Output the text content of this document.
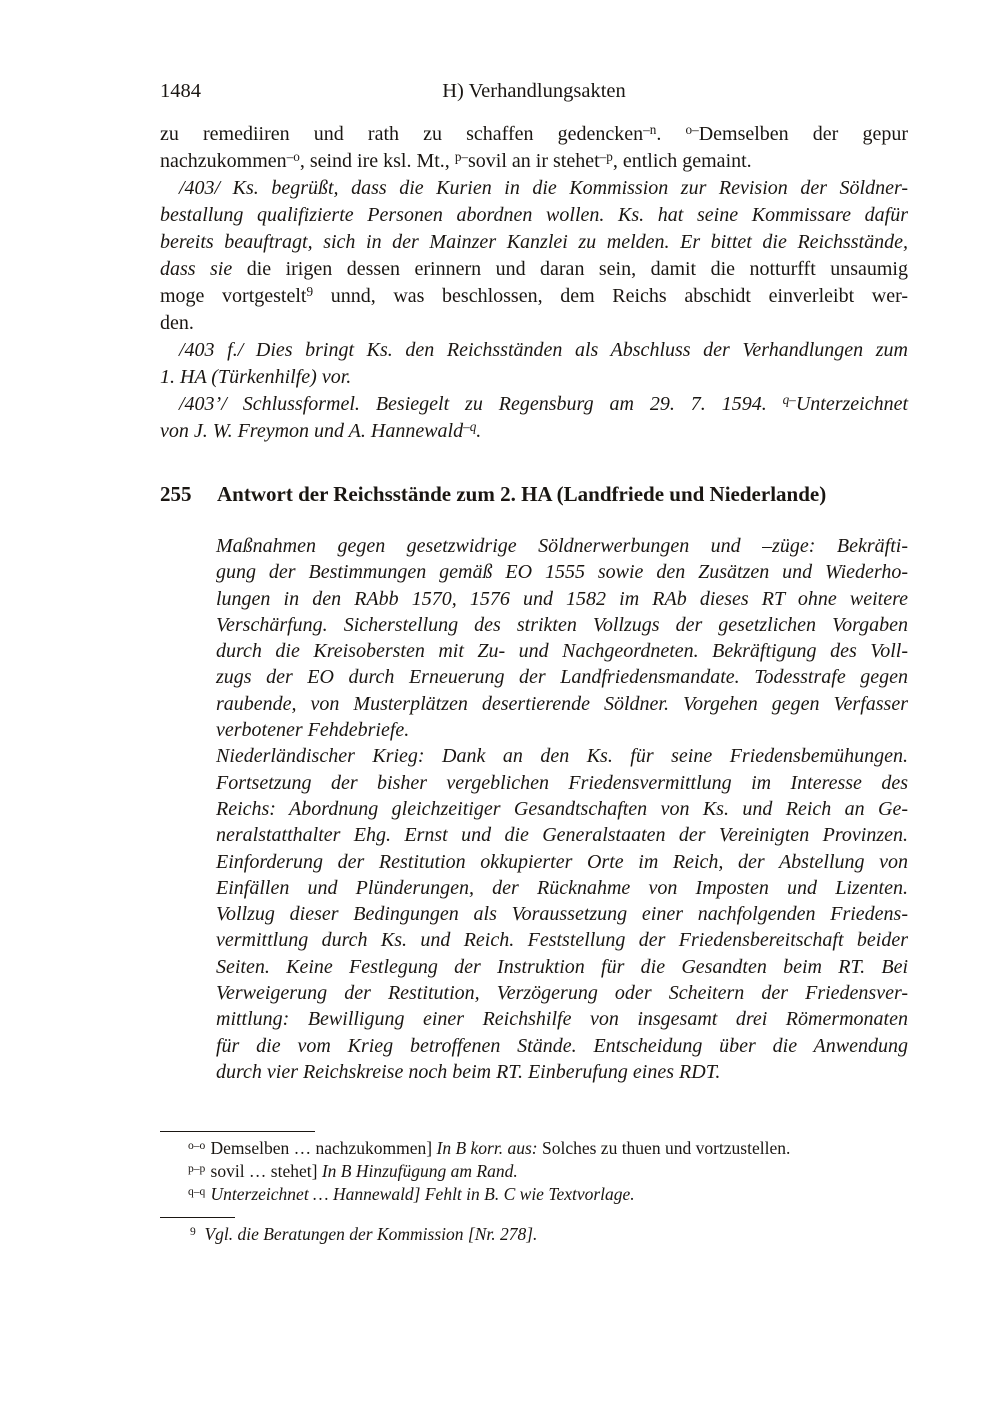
1484	H) Verhandlungsakten
zu remediiren und rath zu schaffen gedencken$^{-n}$. $^{o-}$Demselben der gepur
nachzukommen$^{-o}$, seind ire ksl. Mt., $^{p-}$sovil an ir stehet$^{-p}$, entlich gemaint.
/403/ Ks. begrüßt, dass die Kurien in die Kommission zur Revision der Söldner-
bestallung qualifizierte Personen abordnen wollen. Ks. hat seine Kommissare dafür
bereits beauftragt, sich in der Mainzer Kanzlei zu melden. Er bittet die Reichsstände,
dass sie die irigen dessen erinnern und daran sein, damit die notturfft unsaumig
moge vortgestelt$^9$ unnd, was beschlossen, dem Reichs abschidt einverleibt wer-
den.
/403 f./ Dies bringt Ks. den Reichsständen als Abschluss der Verhandlungen zum
1. HA (Türkenhilfe) vor.
/403’/ Schlussformel. Besiegelt zu Regensburg am 29. 7. 1594. $^{q-}$Unterzeichnet
von J. W. Freymon und A. Hannewald$^{-q}$.
255	Antwort der Reichsstände zum 2. HA (Landfriede und Niederlande)
Maßnahmen gegen gesetzwidrige Söldnerwerbungen und –züge: Bekräfti-
gung der Bestimmungen gemäß EO 1555 sowie den Zusätzen und Wiederho-
lungen in den RAbb 1570, 1576 und 1582 im RAb dieses RT ohne weitere
Verschärfung. Sicherstellung des strikten Vollzugs der gesetzlichen Vorgaben
durch die Kreisobersten mit Zu- und Nachgeordneten. Bekräftigung des Voll-
zugs der EO durch Erneuerung der Landfriedensmandate. Todesstrafe gegen
raubende, von Musterplätzen desertierende Söldner. Vorgehen gegen Verfasser
verbotener Fehdebriefe.
Niederländischer Krieg: Dank an den Ks. für seine Friedensbemühungen.
Fortsetzung der bisher vergeblichen Friedensvermittlung im Interesse des
Reichs: Abordnung gleichzeitiger Gesandtschaften von Ks. und Reich an Ge-
neralstatthalter Ehg. Ernst und die Generalstaaten der Vereinigten Provinzen.
Einforderung der Restitution okkupierter Orte im Reich, der Abstellung von
Einfällen und Plünderungen, der Rücknahme von Imposten und Lizenten.
Vollzug dieser Bedingungen als Voraussetzung einer nachfolgenden Friedens-
vermittlung durch Ks. und Reich. Feststellung der Friedensbereitschaft beider
Seiten. Keine Festlegung der Instruktion für die Gesandten beim RT. Bei
Verweigerung der Restitution, Verzögerung oder Scheitern der Friedensver-
mittlung: Bewilligung einer Reichshilfe von insgesamt drei Römermonaten
für die vom Krieg betroffenen Stände. Entscheidung über die Anwendung
durch vier Reichskreise noch beim RT. Einberufung eines RDT.
$^{o-o}$ Demselben … nachzukommen] In B korr. aus: Solches zu thuen und vortzustellen.
$^{p-p}$ sovil … stehet] In B Hinzufügung am Rand.
$^{q-q}$ Unterzeichnet … Hannewald] Fehlt in B. C wie Textvorlage.
$^9$ Vgl. die Beratungen der Kommission [Nr. 278].
